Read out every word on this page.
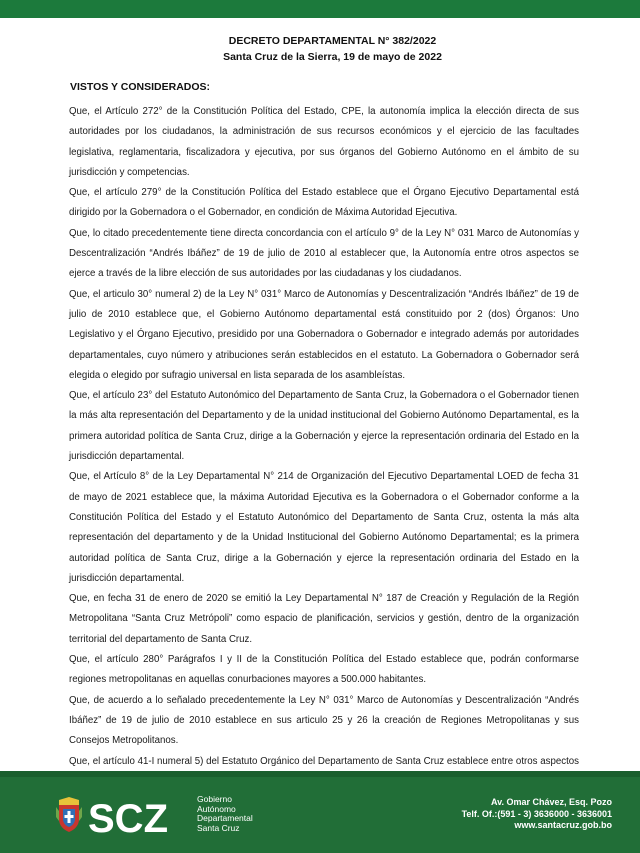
DECRETO DEPARTAMENTAL N° 382/2022
Santa Cruz de la Sierra, 19 de mayo de 2022
VISTOS Y CONSIDERADOS:

Que, el Artículo 272° de la Constitución Política del Estado, CPE, la autonomía implica la elección directa de sus autoridades por los ciudadanos, la administración de sus recursos económicos y el ejercicio de las facultades legislativa, reglamentaria, fiscalizadora y ejecutiva, por sus órganos del Gobierno Autónomo en el ámbito de su jurisdicción y competencias.

Que, el artículo 279° de la Constitución Política del Estado establece que el Órgano Ejecutivo Departamental está dirigido por la Gobernadora o el Gobernador, en condición de Máxima Autoridad Ejecutiva.

Que, lo citado precedentemente tiene directa concordancia con el artículo 9° de la Ley N° 031 Marco de Autonomías y Descentralización “Andrés Ibáñez” de 19 de julio de 2010 al establecer que, la Autonomía entre otros aspectos se ejerce a través de la libre elección de sus autoridades por las ciudadanas y los ciudadanos.

Que, el articulo 30° numeral 2) de la Ley N° 031° Marco de Autonomías y Descentralización “Andrés Ibáñez” de 19 de julio de 2010 establece que, el Gobierno Autónomo departamental está constituido por 2 (dos) Órganos: Uno Legislativo y el Órgano Ejecutivo, presidido por una Gobernadora o Gobernador e integrado además por autoridades departamentales, cuyo número y atribuciones serán establecidos en el estatuto. La Gobernadora o Gobernador será elegida o elegido por sufragio universal en lista separada de los asambleístas.

Que, el artículo 23° del Estatuto Autonómico del Departamento de Santa Cruz, la Gobernadora o el Gobernador tienen la más alta representación del Departamento y de la unidad institucional del Gobierno Autónomo Departamental, es la primera autoridad política de Santa Cruz, dirige a la Gobernación y ejerce la representación ordinaria del Estado en la jurisdicción departamental.

Que, el Artículo 8° de la Ley Departamental N° 214 de Organización del Ejecutivo Departamental LOED de fecha 31 de mayo de 2021 establece que, la máxima Autoridad Ejecutiva es la Gobernadora o el Gobernador conforme a la Constitución Política del Estado y el Estatuto Autonómico del Departamento de Santa Cruz, ostenta la más alta representación del departamento y de la Unidad Institucional del Gobierno Autónomo Departamental; es la primera autoridad política de Santa Cruz, dirige a la Gobernación y ejerce la representación ordinaria del Estado en la jurisdicción departamental.

Que, en fecha 31 de enero de 2020 se emitió la Ley Departamental N° 187 de Creación y Regulación de la Región Metropolitana “Santa Cruz Metrópoli” como espacio de planificación, servicios y gestión, dentro de la organización territorial del departamento de Santa Cruz.

Que, el artículo 280° Parágrafos I y II de la Constitución Política del Estado establece que, podrán conformarse regiones metropolitanas en aquellas conurbaciones mayores a 500.000 habitantes.

Que, de acuerdo a lo señalado precedentemente la Ley N° 031° Marco de Autonomías y Descentralización “Andrés Ibáñez” de 19 de julio de 2010 establece en sus articulo 25 y 26 la creación de Regiones Metropolitanas y sus Consejos Metropolitanos.

Que, el artículo 41-I numeral 5) del Estatuto Orgánico del Departamento de Santa Cruz establece entre otros aspectos

SCZ	Gobierno
Autónomo
Departamental
Santa Cruz
Av. Omar Chávez, Esq. Pozo
Telf. Of.:(591 - 3) 3636000 - 3636001
www.santacruz.gob.bo
